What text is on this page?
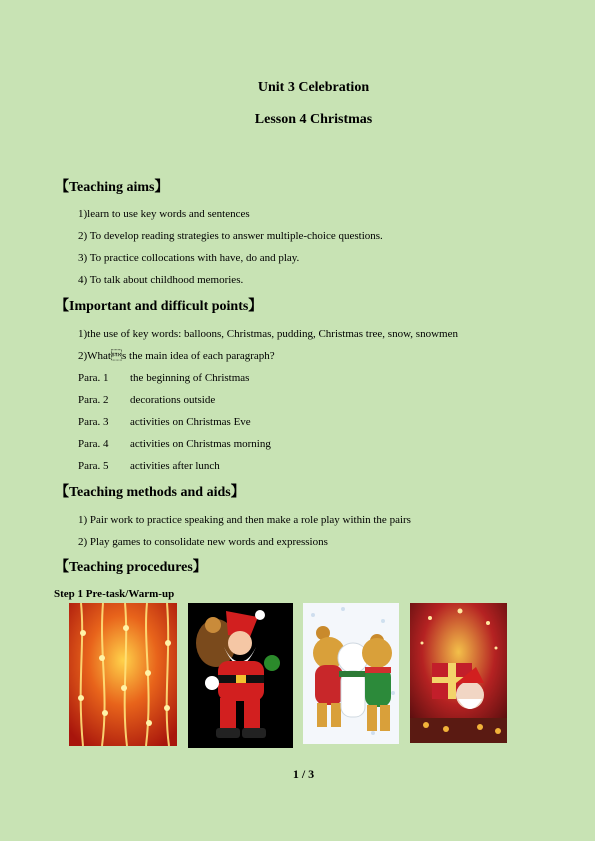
Unit 3 Celebration
Lesson 4 Christmas
【Teaching aims】
1)learn to use key words and sentences
2) To develop reading strategies to answer multiple-choice questions.
3) To practice collocations with have, do and play.
4) To talk about childhood memories.
【Important and difficult points】
1)the use of key words: balloons, Christmas, pudding, Christmas tree, snow, snowmen
2)Whats the main idea of each paragraph?
Para. 1 the beginning of Christmas
Para. 2 decorations outside
Para. 3 activities on Christmas Eve
Para. 4 activities on Christmas morning
Para. 5 activities after lunch
【Teaching methods and aids】
1) Pair work to practice speaking and then make a role play within the pairs
2) Play games to consolidate new words and expressions
【Teaching procedures】
Step 1 Pre-task/Warm-up
1 / 3
